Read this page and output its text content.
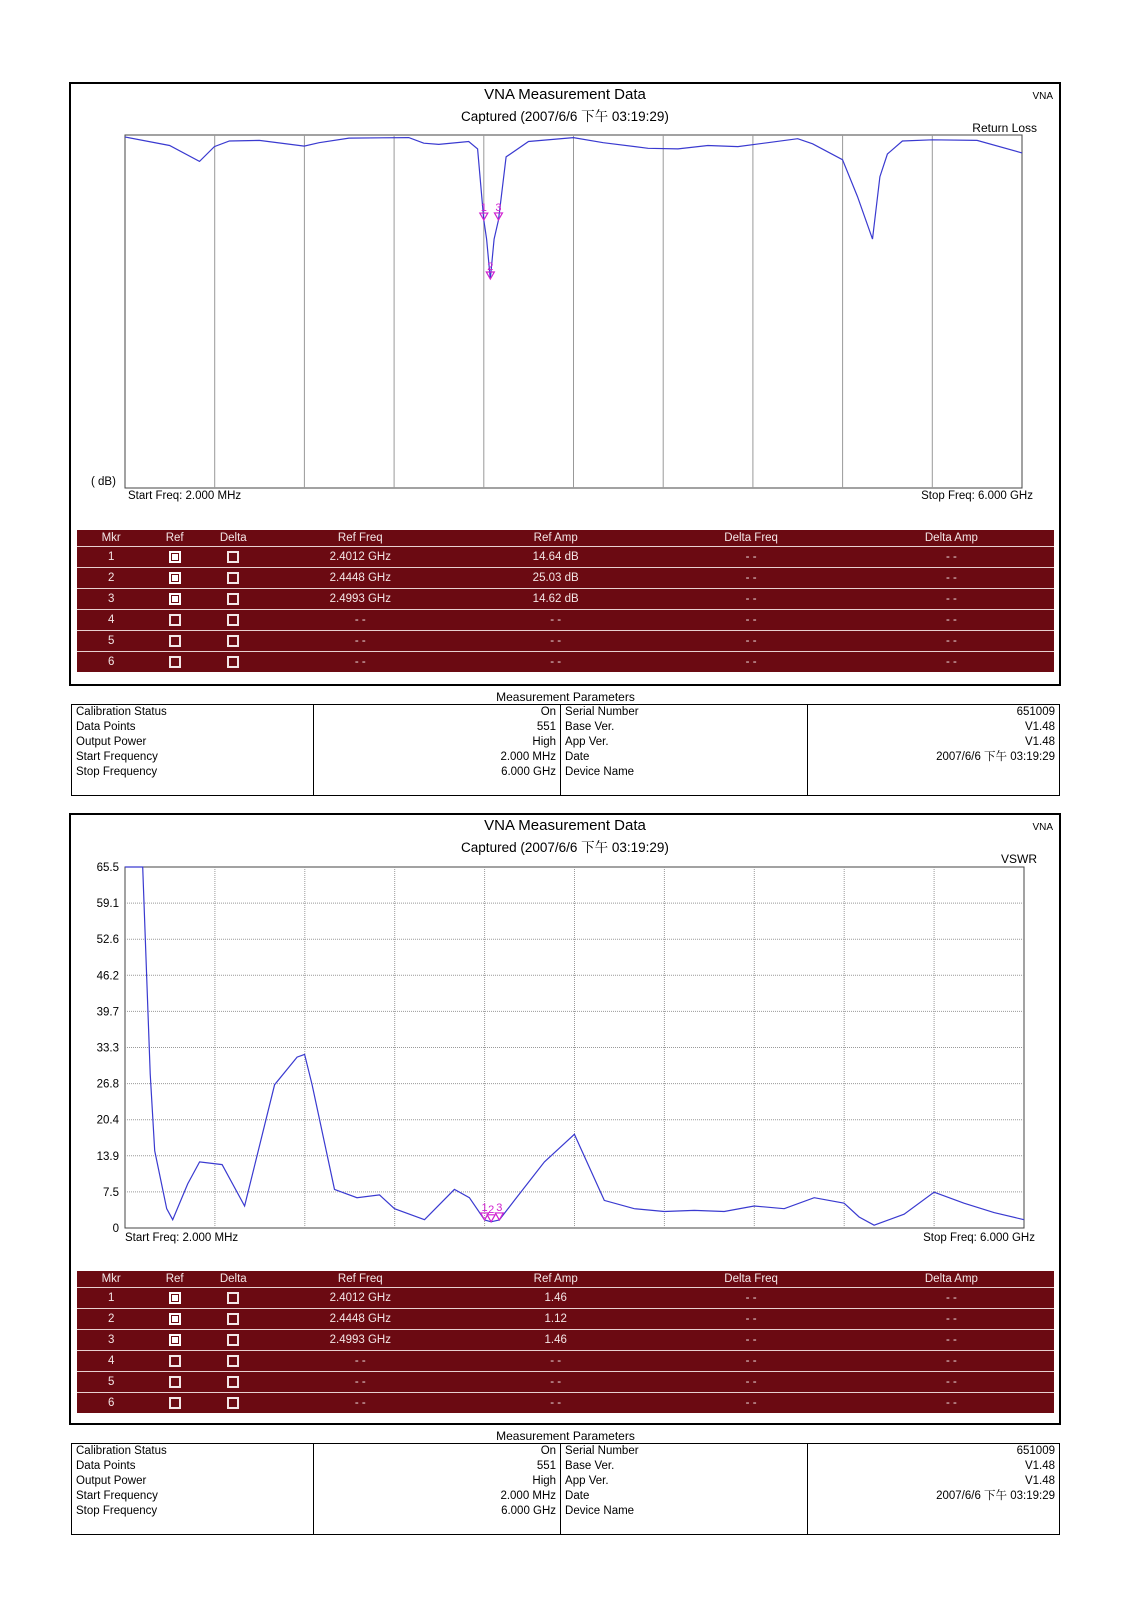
VNA Measurement Data
Captured (2007/6/6 下午 03:19:29)
VNA
Return Loss
1
2
3
( dB)
Start Freq: 2.000 MHz	Stop Freq: 6.000 GHz
Mkr	Ref	Delta	Ref Freq	Ref Amp	Delta Freq	Delta Amp
1			2.4012 GHz	14.64 dB	- -	- -
2			2.4448 GHz	25.03 dB	- -	- -
3			2.4993 GHz	14.62 dB	- -	- -
4			- -	- -	- -	- -
5			- -	- -	- -	- -
6			- -	- -	- -	- -
Measurement Parameters
Calibration Status	On	Serial Number	651009
Data Points	551	Base Ver.	V1.48
Output Power	High	App Ver.	V1.48
Start Frequency	2.000 MHz	Date	2007/6/6 下午 03:19:29
Stop Frequency	6.000 GHz	Device Name	

VNA Measurement Data
Captured (2007/6/6 下午 03:19:29)
VNA
VSWR
0
7.5
13.9
20.4
26.8
33.3
39.7
46.2
52.6
59.1
65.5
1 2 3
Start Freq: 2.000 MHz	Stop Freq: 6.000 GHz
Mkr	Ref	Delta	Ref Freq	Ref Amp	Delta Freq	Delta Amp
1			2.4012 GHz	1.46	- -	- -
2			2.4448 GHz	1.12	- -	- -
3			2.4993 GHz	1.46	- -	- -
4			- -	- -	- -	- -
5			- -	- -	- -	- -
6			- -	- -	- -	- -
Measurement Parameters
Calibration Status	On	Serial Number	651009
Data Points	551	Base Ver.	V1.48
Output Power	High	App Ver.	V1.48
Start Frequency	2.000 MHz	Date	2007/6/6 下午 03:19:29
Stop Frequency	6.000 GHz	Device Name	
